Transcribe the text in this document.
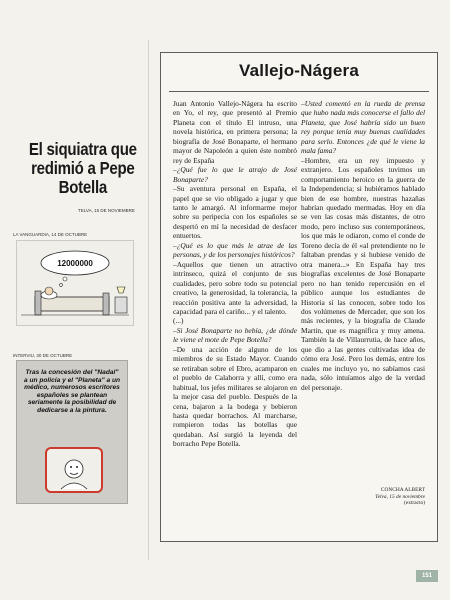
El siquiatra que redimió a Pepe Botella
TELVA, 15 DE NOVIEMBRE
LA VANGUARDIA, 14 DE OCTUBRE
12000000
INTERVIU, 30 DE OCTUBRE
Tras la concesión del "Nadal" a un policía y el "Planeta" a un médico, numerosos escritores españoles se plantean seriamente la posibilidad de dedicarse a la pintura.
Vallejo-Nágera

Juan Antonio Vallejo-Nágera ha escrito en Yo, el rey, que presentó al Premio Planeta con el título El intruso, una novela histórica, en primera persona; la biografía de José Bonaparte, el hermano mayor de Napoleón a quien éste nombró rey de España

–¿Qué fue lo que le atrajo de José Bonaparte?

–Su aventura personal en España, el papel que se vio obligado a jugar y que tanto le amargó. Al informarme mejor sobre su peripecia con los españoles se despertó en mí la necesidad de desfacer entuertos.

–¿Qué es lo que más le atrae de las personas, y de los personajes históricos?

–Aquellos que tienen un atractivo intrínseco, quizá el conjunto de sus cualidades, pero sobre todo su potencial creativo, la generosidad, la tolerancia, la reacción positiva ante la adversidad, la capacidad para el cariño... y el talento.

(...)

–Si José Bonaparte no bebía, ¿de dónde le viene el mote de Pepe Botella?

–De una acción de alguno de los miembros de su Estado Mayor. Cuando se retiraban sobre el Ebro, acamparon en el pueblo de Calahorra y allí, como era habitual, los jefes militares se alojaron en la mejor casa del pueblo. Después de la cena, bajaron a la bodega y bebieron hasta quedar borrachos. Al marcharse, rompieron todas las botellas que quedaban. Así surgió la leyenda del borracho Pepe Botella.

–Usted comentó en la rueda de prensa que hubo nada más conocerse el fallo del Planeta, que José habría sido un buen rey porque tenía muy buenas cualidades para serlo. Entonces ¿de qué le viene la mala fama?

–Hombre, era un rey impuesto y extranjero. Los españoles tuvimos un comportamiento heroico en la guerra de la Independencia; si hubiéramos hablado bien de ese hombre, nuestras hazañas habrían quedado mermadas. Hoy en día se ven las cosas más distantes, de otro modo, pero incluso sus contemporáneos, los que más le odiaron, como el conde de Toreno decía de él «al pretendiente no le faltaban prendas y si hubiese venido de otra manera...» En España hay tres biografías excelentes de José Bonaparte pero no han tenido repercusión en el público aunque los estudiantes de Historia sí las conocen, sobre todo los dos volúmenes de Mercader, que son los más recientes, y la biografía de Claude Martin, que es magnífica y muy amena. También la de Villaurrutia, de hace años, que dio a las gentes cultivadas idea de cómo era José. Pero los demás, entre los cuales me incluyo yo, no sabíamos casi nada, sólo intuíamos algo de la verdad del personaje.

CONCHA ALBERT
Telva, 15 de noviembre
(extracto)
151
